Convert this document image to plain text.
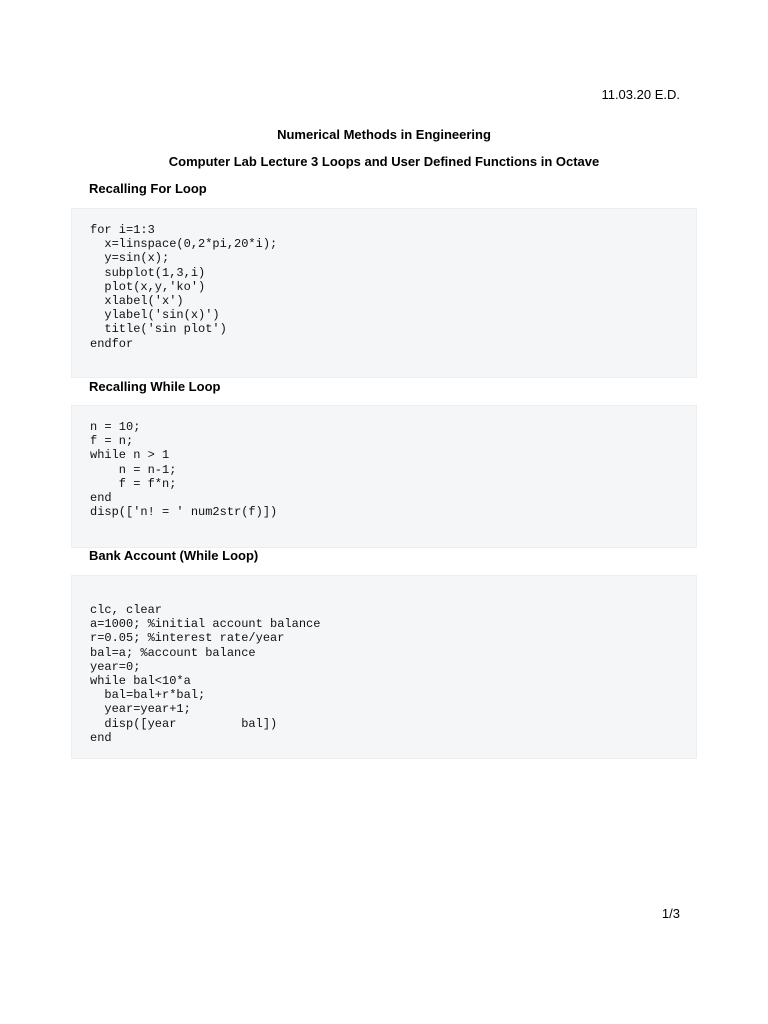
11.03.20 E.D.
Numerical Methods in Engineering
Computer Lab Lecture 3 Loops and User Defined Functions in Octave
Recalling For Loop
for i=1:3
x=linspace(0,2*pi,20*i);
y=sin(x);
subplot(1,3,i)
plot(x,y,'ko')
xlabel('x')
ylabel('sin(x)')
title('sin plot')
endfor
Recalling While Loop
n = 10;
f = n;
while n > 1
n = n-1;
f = f*n;
end
disp(['n! = ' num2str(f)])
Bank Account (While Loop)
clc, clear
a=1000; %initial account balance
r=0.05; %interest rate/year
bal=a; %account balance
year=0;
while bal<10*a
bal=bal+r*bal;
year=year+1;
disp([year         bal])
end
1/3
